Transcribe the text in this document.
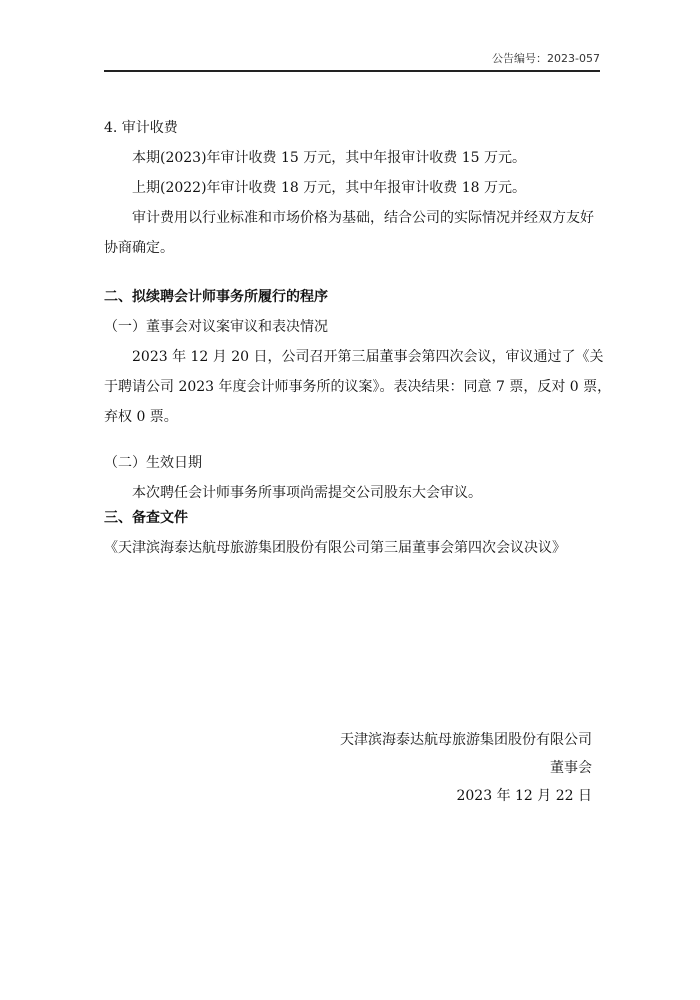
公告编号：2023-057
4. 审计收费
本期(2023)年审计收费 15 万元，其中年报审计收费 15 万元。
上期(2022)年审计收费 18 万元，其中年报审计收费 18 万元。
审计费用以行业标准和市场价格为基础，结合公司的实际情况并经双方友好
协商确定。
二、拟续聘会计师事务所履行的程序
（一）董事会对议案审议和表决情况
2023 年 12 月 20 日，公司召开第三届董事会第四次会议，审议通过了《关
于聘请公司 2023 年度会计师事务所的议案》。表决结果：同意 7 票，反对 0 票，
弃权 0 票。
（二）生效日期
本次聘任会计师事务所事项尚需提交公司股东大会审议。
三、备查文件
《天津滨海泰达航母旅游集团股份有限公司第三届董事会第四次会议决议》
天津滨海泰达航母旅游集团股份有限公司
董事会
2023 年 12 月 22 日
